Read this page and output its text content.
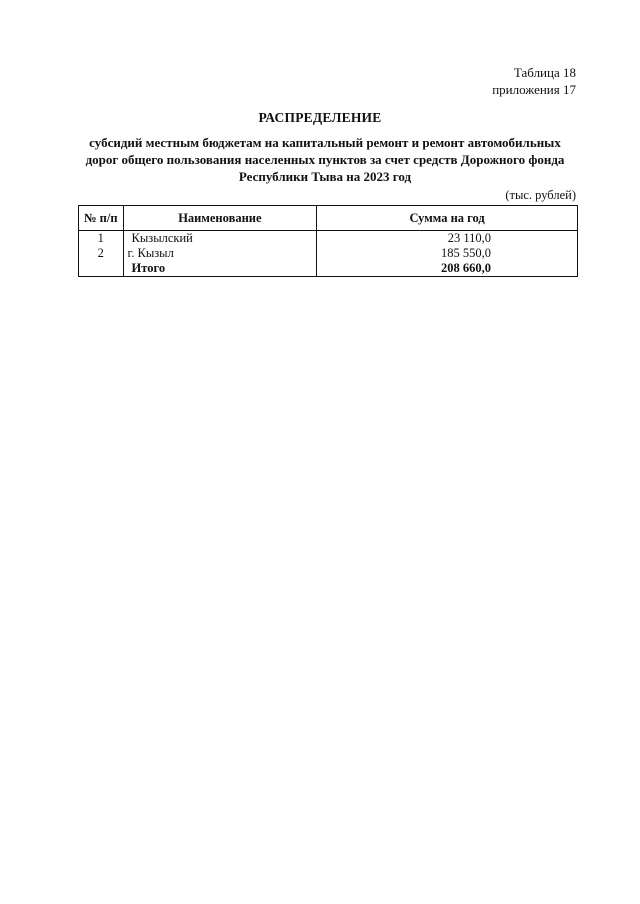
Таблица 18
приложения 17
РАСПРЕДЕЛЕНИЕ
субсидий местным бюджетам на капитальный ремонт и ремонт автомобильных
дорог общего пользования населенных пунктов за счет средств Дорожного фонда
Республики Тыва на 2023 год
(тыс. рублей)
№ п/п	Наименование	Сумма на год
1	Кызылский	23 110,0
2	г. Кызыл	185 550,0
	Итого	208 660,0
